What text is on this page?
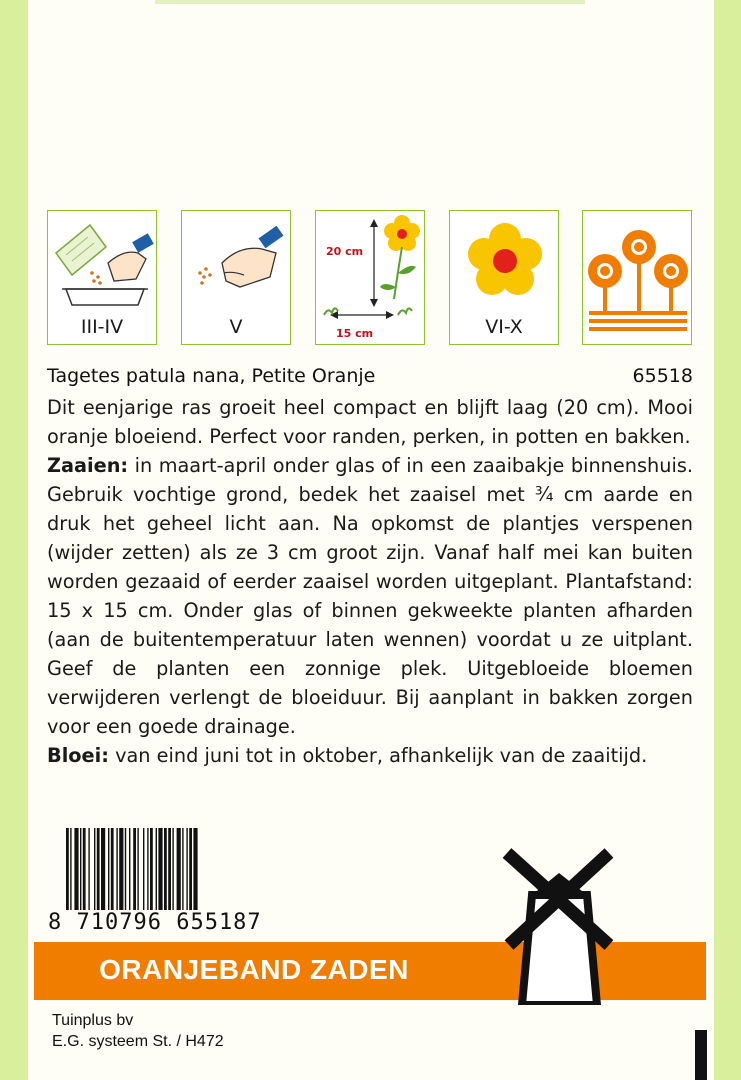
III-IV	V
20 cm
15 cm	VI-X
Tagetes patula nana, Petite Oranje	65518

Dit eenjarige ras groeit heel compact en blijft laag (20 cm). Mooi oranje bloeiend. Perfect voor randen, perken, in potten en bakken.

Zaaien: in maart-april onder glas of in een zaaibakje binnenshuis. Gebruik vochtige grond, bedek het zaaisel met ¾ cm aarde en druk het geheel licht aan. Na opkomst de plantjes verspenen (wijder zetten) als ze 3 cm groot zijn. Vanaf half mei kan buiten worden gezaaid of eerder zaaisel worden uitgeplant. Plantafstand: 15 x 15 cm. Onder glas of binnen gekweekte planten afharden (aan de buitentemperatuur laten wennen) voordat u ze uitplant. Geef de planten een zonnige plek. Uitgebloeide bloemen verwijderen verlengt de bloeiduur. Bij aanplant in bakken zorgen voor een goede drainage.

Bloei: van eind juni tot in oktober, afhankelijk van de zaaitijd.

8 710796 655187
ORANJEBAND ZADEN
Tuinplus bv
E.G. systeem St. / H472
